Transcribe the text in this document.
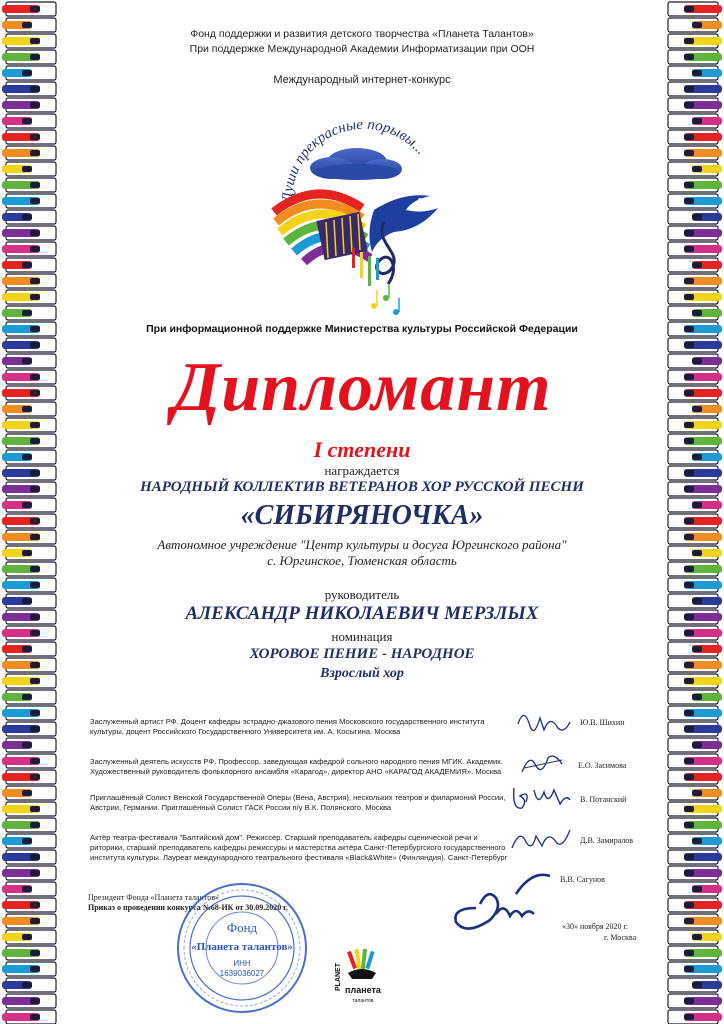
Фонд поддержки и развития детского творчества «Планета Талантов»
При поддержке Международной Академии Информатизации при ООН
Международный интернет-конкурс
Души прекрасные порывы...
При информационной поддержке Министерства культуры Российской Федерации
Дипломант
I степени
награждается
НАРОДНЫЙ КОЛЛЕКТИВ ВЕТЕРАНОВ ХОР РУССКОЙ ПЕСНИ
«СИБИРЯНОЧКА»
Автономное учреждение "Центр культуры и досуга Юргинского района"
с. Юргинское, Тюменская область
руководитель
АЛЕКСАНДР НИКОЛАЕВИЧ МЕРЗЛЫХ
номинация
ХОРОВОЕ ПЕНИЕ - НАРОДНОЕ
Взрослый хор
Заслуженный артист РФ. Доцент кафедры эстрадно-джазового пения Московского государственного института культуры, доцент Российского Государственного Университета им. А. Косыгина. Москва
Ю.В. Шихин
Заслуженный деятель искусств РФ. Профессор, заведующая кафедрой сольного народного пения МГИК. Академик. Художественный руководитель фольклорного ансамбля «Карагод», директор АНО «КАРАГОД АКАДЕМИЯ». Москва
Е.О. Засимова
Приглашённый Солист Венской Государственной Оперы (Вена, Австрия), нескольких театров и филармоний России, Австрии, Германии. Приглашённый Солист ГАСК России п/у В.К. Полянского. Москва
В. Потанский
Актёр театра-фестиваля "Балтийский дом". Режиссер. Старший преподаватель кафедры сценической речи и риторики, старший преподаватель кафедры режиссуры и мастерства актёра Санкт-Петербургского государственного института культуры. Лауреат международного театрального фестиваля «Black&White» (Финляндия). Санкт-Петербург
Д.В. Замиралов
Президент Фонда «Планета талантов»
Приказ о проведении конкурса №68-ИК от 30.09.2020 г.
В.В. Сагунов
«30» ноября 2020 г.
г. Москва
Фонд
«Планета талантов»
ИНН
1639036027	PLANET планета
талантов
